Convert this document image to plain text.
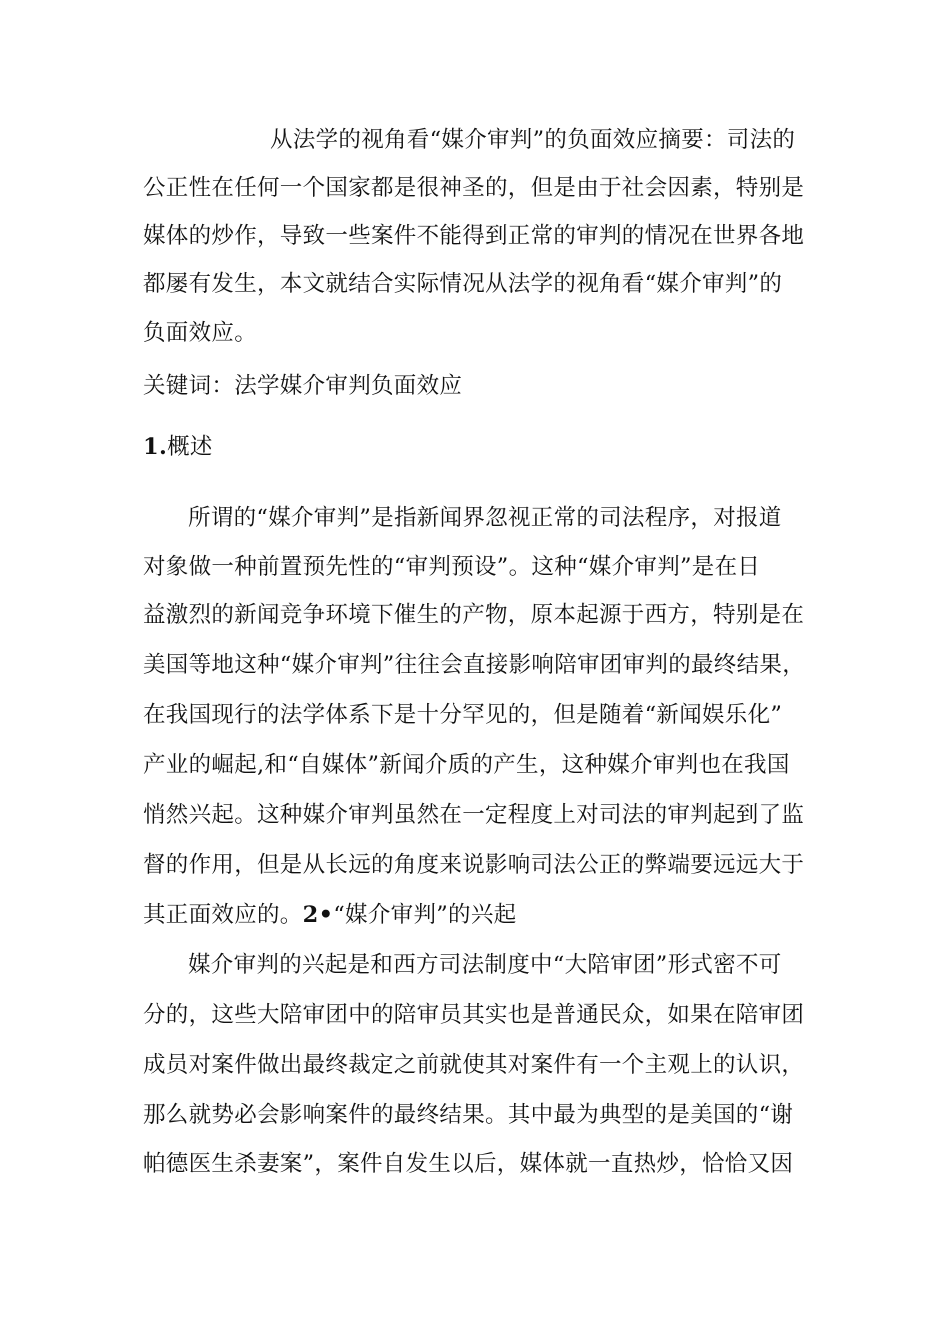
从法学的视角看“媒介审判”的负面效应摘要：司法的
公正性在任何一个国家都是很神圣的，但是由于社会因素，特别是
媒体的炒作，导致一些案件不能得到正常的审判的情况在世界各地
都屡有发生，本文就结合实际情况从法学的视角看“媒介审判”的
负面效应。
关键词：法学媒介审判负面效应
1.概述
所谓的“媒介审判”是指新闻界忽视正常的司法程序，对报道
对象做一种前置预先性的“审判预设”。这种“媒介审判”是在日
益激烈的新闻竞争环境下催生的产物，原本起源于西方，特别是在
美国等地这种“媒介审判”往往会直接影响陪审团审判的最终结果，
在我国现行的法学体系下是十分罕见的，但是随着“新闻娱乐化”
产业的崛起,和“自媒体”新闻介质的产生，这种媒介审判也在我国
悄然兴起。这种媒介审判虽然在一定程度上对司法的审判起到了监
督的作用，但是从长远的角度来说影响司法公正的弊端要远远大于
其正面效应的。2•“媒介审判”的兴起
媒介审判的兴起是和西方司法制度中“大陪审团”形式密不可
分的，这些大陪审团中的陪审员其实也是普通民众，如果在陪审团
成员对案件做出最终裁定之前就使其对案件有一个主观上的认识，
那么就势必会影响案件的最终结果。其中最为典型的是美国的“谢
帕德医生杀妻案”，案件自发生以后，媒体就一直热炒，恰恰又因
